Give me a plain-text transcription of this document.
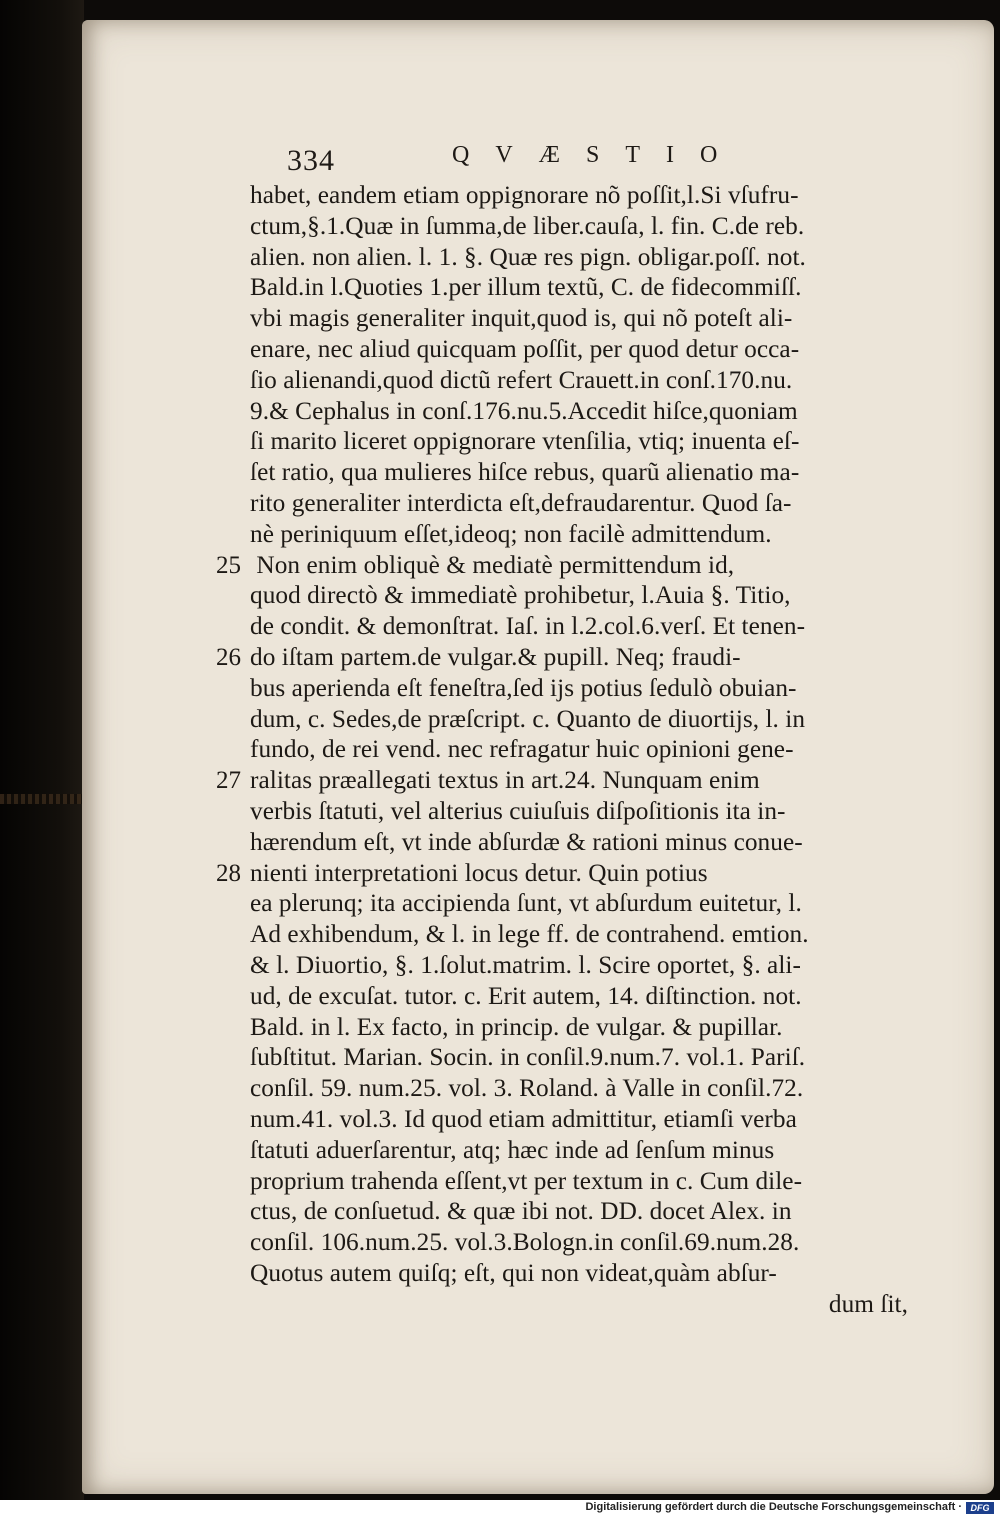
334	QVÆSTIO
habet, eandem etiam oppignorare nõ poſſit,l.Si vſufru-
ctum,§.1.Quæ in ſumma,de liber.cauſa, l. fin. C.de reb.
alien. non alien. l. 1. §. Quæ res pign. obligar.poſſ. not.
Bald.in l.Quoties 1.per illum textũ, C. de fidecommiſſ.
vbi magis generaliter inquit,quod is, qui nõ poteſt ali-
enare, nec aliud quicquam poſſit, per quod detur occa-
ſio alienandi,quod dictũ refert Crauett.in conſ.170.nu.
9.& Cephalus in conſ.176.nu.5.Accedit hiſce,quoniam
ſi marito liceret oppignorare vtenſilia, vtiq; inuenta eſ-
ſet ratio, qua mulieres hiſce rebus, quarũ alienatio ma-
rito generaliter interdicta eſt,defraudarentur. Quod ſa-
nè periniquum eſſet,ideoq; non facilè admittendum.
25 Non enim obliquè & mediatè permittendum id,
quod directò & immediatè prohibetur, l.Auia §. Titio,
de condit. & demonſtrat. Iaſ. in l.2.col.6.verſ. Et tenen-
26 do iſtam partem.de vulgar.& pupill. Neq; fraudi-
bus aperienda eſt feneſtra,ſed ijs potius ſedulò obuian-
dum, c. Sedes,de præſcript. c. Quanto de diuortijs, l. in
fundo, de rei vend. nec refragatur huic opinioni gene-
27 ralitas præallegati textus in art.24. Nunquam enim
verbis ſtatuti, vel alterius cuiuſuis diſpoſitionis ita in-
hærendum eſt, vt inde abſurdæ & rationi minus conue-
28 nienti interpretationi locus detur. Quin potius
ea plerunq; ita accipienda ſunt, vt abſurdum euitetur, l.
Ad exhibendum, & l. in lege ff. de contrahend. emtion.
& l. Diuortio, §. 1.ſolut.matrim. l. Scire oportet, §. ali-
ud, de excuſat. tutor. c. Erit autem, 14. diſtinction. not.
Bald. in l. Ex facto, in princip. de vulgar. & pupillar.
ſubſtitut. Marian. Socin. in conſil.9.num.7. vol.1. Pariſ.
conſil. 59. num.25. vol. 3. Roland. à Valle in conſil.72.
num.41. vol.3. Id quod etiam admittitur, etiamſi verba
ſtatuti aduerſarentur, atq; hæc inde ad ſenſum minus
proprium trahenda eſſent,vt per textum in c. Cum dile-
ctus, de conſuetud. & quæ ibi not. DD. docet Alex. in
conſil. 106.num.25. vol.3.Bologn.in conſil.69.num.28.
Quotus autem quiſq; eſt, qui non videat,quàm abſur-
dum ſit,
Digitalisierung gefördert durch die Deutsche Forschungsgemeinschaft · DFG
